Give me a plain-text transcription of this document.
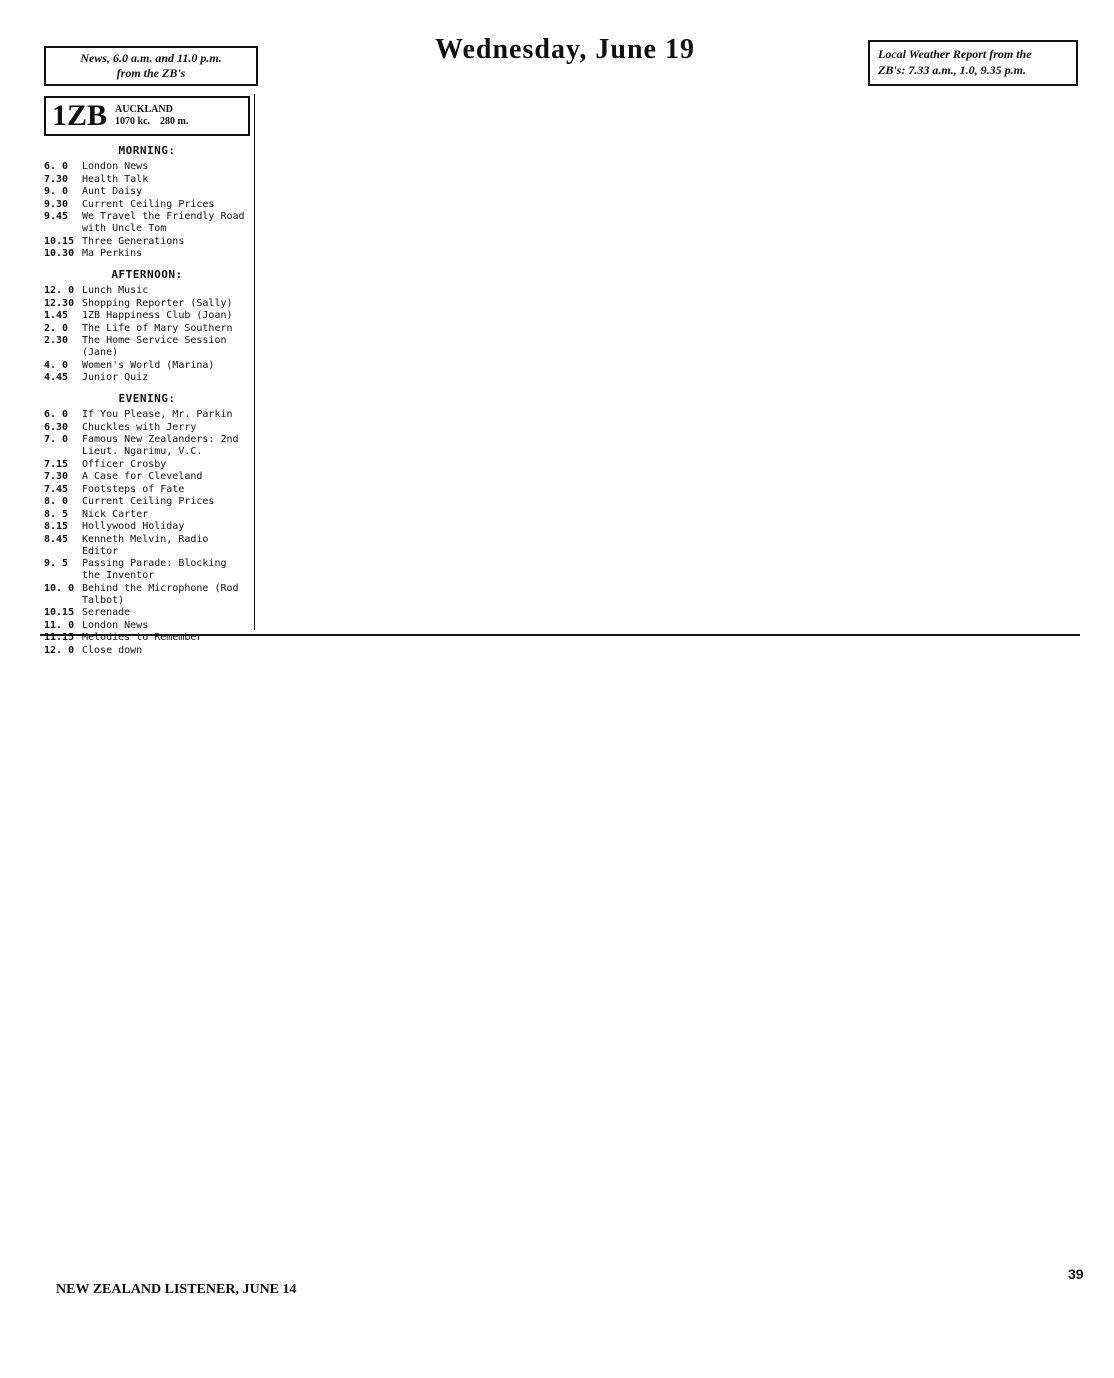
News, 6.0 a.m. and 11.0 p.m.
from the ZB's
Wednesday, June 19	Local Weather Report from the
ZB's: 7.33 a.m., 1.0, 9.35 p.m.
1ZB AUCKLAND
1070 kc. 280 m.
MORNING:
6. 0	London News
7.30	Health Talk
9. 0	Aunt Daisy
9.30	Current Ceiling Prices
9.45	We Travel the Friendly Road with Uncle Tom
10.15 Three Generations
10.30 Ma Perkins
AFTERNOON:
12. 0 Lunch Music
12.30 Shopping Reporter (Sally)
1.45	1ZB Happiness Club (Joan)
2. 0	The Life of Mary Southern
2.30	The Home Service Session (Jane)
4. 0	Women's World (Marina)
4.45	Junior Quiz
EVENING:
6. 0	If You Please, Mr. Parkin
6.30	Chuckles with Jerry
7. 0	Famous New Zealanders: 2nd Lieut. Ngarimu, V.C.
7.15	Officer Crosby
7.30	A Case for Cleveland
7.45	Footsteps of Fate
8. 0	Current Ceiling Prices
8. 5	Nick Carter
8.15	Hollywood Holiday
8.45	Kenneth Melvin, Radio Editor
9. 5	Passing Parade: Blocking the Inventor
10. 0 Behind the Microphone (Rod Talbot)
10.15 Serenade
11. 0 London News
11.15 Melodies to Remember
12. 0 Close down
NEW ZEALAND LISTENER, JUNE 14
39
